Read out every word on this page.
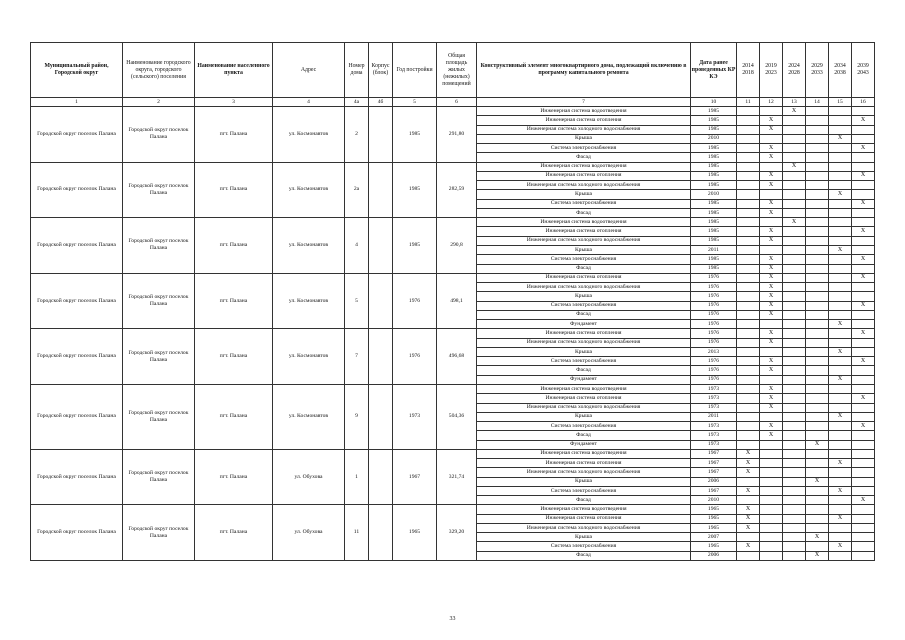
Муниципальный район, Городской округ	Наименование городского округа, городского (сельского) поселения	Наименование населенного пункта	Адрес	Номер дома	Корпус (блок)	Год постройки	Общая площадь жилых (нежилых) помещений	Конструктивный элемент многоквартирного дома, подлежащий включению в программу капитального ремонта	Дата ранее проведенных КР КЭ	2014 2018	2019 2023	2024 2028	2029 2033	2034 2038	2039 2043
1	2	3	4	4а	4б	5	6	7	10	11	12	13	14	15	16
Городской округ поселок Палана	Городской округ поселок Палана	пгт. Палана	ул. Космонавтов	2		1985	291,80	Инженерная система водоотведения	1985			X			
								Инженерная система отопления	1985		X				X
								Инженерная система холодного водоснабжения	1985		X				
								Крыша	2010					X	
								Система электроснабжения	1985		X				X
								Фасад	1985		X				
Городской округ поселок Палана	Городской округ поселок Палана	пгт. Палана	ул. Космонавтов	2а		1985	282,59	Инженерная система водоотведения	1985			X			
								Инженерная система отопления	1985		X				X
								Инженерная система холодного водоснабжения	1985		X				
								Крыша	2010					X	
								Система электроснабжения	1985		X				X
								Фасад	1985		X				
Городской округ поселок Палана	Городской округ поселок Палана	пгт. Палана	ул. Космонавтов	4		1985	290,8	Инженерная система водоотведения	1985			X			
								Инженерная система отопления	1985		X				X
								Инженерная система холодного водоснабжения	1985		X				
								Крыша	2011					X	
								Система электроснабжения	1985		X				X
								Фасад	1985		X				
Городской округ поселок Палана	Городской округ поселок Палана	пгт. Палана	ул. Космонавтов	5		1976	498,1	Инженерная система отопления	1976		X				X
								Инженерная система холодного водоснабжения	1976		X				
								Крыша	1976		X				
								Система электроснабжения	1976		X				X
								Фасад	1976		X				
								Фундамент	1976					X	
Городской округ поселок Палана	Городской округ поселок Палана	пгт. Палана	ул. Космонавтов	7		1976	496,68	Инженерная система отопления	1976		X				X
								Инженерная система холодного водоснабжения	1976		X				
								Крыша	2013					X	
								Система электроснабжения	1976		X				X
								Фасад	1976		X				
								Фундамент	1976					X	
Городской округ поселок Палана	Городской округ поселок Палана	пгт. Палана	ул. Космонавтов	9		1973	504,36	Инженерная система водоотведения	1973		X				
								Инженерная система отопления	1973		X				X
								Инженерная система холодного водоснабжения	1973		X				
								Крыша	2011					X	
								Система электроснабжения	1973		X				X
								Фасад	1973		X				
								Фундамент	1973				X		
Городской округ поселок Палана	Городской округ поселок Палана	пгт. Палана	ул. Обухова	1		1967	321,74	Инженерная система водоотведения	1967	X					
								Инженерная система отопления	1967	X				X	
								Инженерная система холодного водоснабжения	1967	X					
								Крыша	2006				X		
								Система электроснабжения	1967	X				X	
								Фасад	2010						X
Городской округ поселок Палана	Городской округ поселок Палана	пгт. Палана	ул. Обухова	11		1965	329,20	Инженерная система водоотведения	1965	X					
								Инженерная система отопления	1965	X				X	
								Инженерная система холодного водоснабжения	1965	X					
								Крыша	2007				X		
								Система электроснабжения	1965	X				X	
								Фасад	2006				X		
33
